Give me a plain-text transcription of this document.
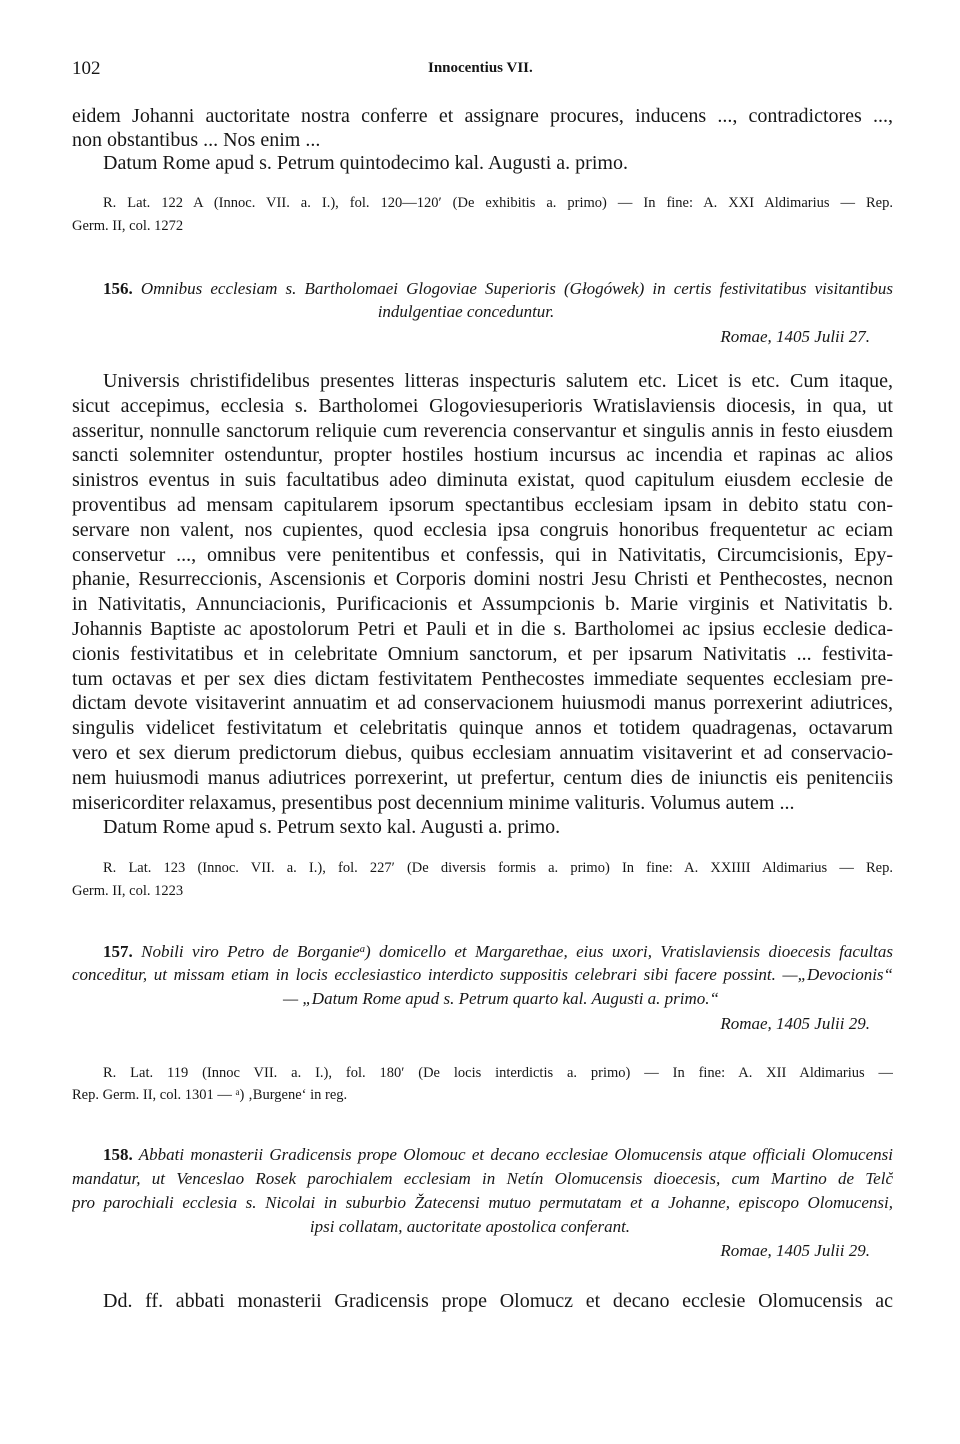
102	Innocentius VII.
eidem Johanni auctoritate nostra conferre et assignare procures, inducens ..., contradictores ...,
non obstantibus ... Nos enim ...
Datum Rome apud s. Petrum quintodecimo kal. Augusti a. primo.
R. Lat. 122 A (Innoc. VII. a. I.), fol. 120—120′ (De exhibitis a. primo) — In fine: A. XXI Aldimarius — Rep.
Germ. II, col. 1272
156. Omnibus ecclesiam s. Bartholomaei Glogoviae Superioris (Głogówek) in certis festivitatibus visitantibus
indulgentiae conceduntur.
Romae, 1405 Julii 27.
Universis christifidelibus presentes litteras inspecturis salutem etc. Licet is etc. Cum itaque,
sicut accepimus, ecclesia s. Bartholomei Glogoviesuperioris Wratislaviensis diocesis, in qua, ut
asseritur, nonnulle sanctorum reliquie cum reverencia conservantur et singulis annis in festo eiusdem
sancti solemniter ostenduntur, propter hostiles hostium incursus ac incendia et rapinas ac alios
sinistros eventus in suis facultatibus adeo diminuta existat, quod capitulum eiusdem ecclesie de
proventibus ad mensam capitularem ipsorum spectantibus ecclesiam ipsam in debito statu con-
servare non valent, nos cupientes, quod ecclesia ipsa congruis honoribus frequentetur ac eciam
conservetur ..., omnibus vere penitentibus et confessis, qui in Nativitatis, Circumcisionis, Epy-
phanie, Resurreccionis, Ascensionis et Corporis domini nostri Jesu Christi et Penthecostes, necnon
in Nativitatis, Annunciacionis, Purificacionis et Assumpcionis b. Marie virginis et Nativitatis b.
Johannis Baptiste ac apostolorum Petri et Pauli et in die s. Bartholomei ac ipsius ecclesie dedica-
cionis festivitatibus et in celebritate Omnium sanctorum, et per ipsarum Nativitatis ... festivita-
tum octavas et per sex dies dictam festivitatem Penthecostes immediate sequentes ecclesiam pre-
dictam devote visitaverint annuatim et ad conservacionem huiusmodi manus porrexerint adiutrices,
singulis videlicet festivitatum et celebritatis quinque annos et totidem quadragenas, octavarum
vero et sex dierum predictorum diebus, quibus ecclesiam annuatim visitaverint et ad conservacio-
nem huiusmodi manus adiutrices porrexerint, ut prefertur, centum dies de iniunctis eis penitenciis
misericorditer relaxamus, presentibus post decennium minime valituris. Volumus autem ...
Datum Rome apud s. Petrum sexto kal. Augusti a. primo.
R. Lat. 123 (Innoc. VII. a. I.), fol. 227′ (De diversis formis a. primo) In fine: A. XXIIII Aldimarius — Rep.
Germ. II, col. 1223
157. Nobili viro Petro de Borganie$^a$) domicello et Margarethae, eius uxori, Vratislaviensis dioecesis facultas
conceditur, ut missam etiam in locis ecclesiastico interdicto suppositis celebrari sibi facere possint. —„Devocionis“
— „Datum Rome apud s. Petrum quarto kal. Augusti a. primo.“
Romae, 1405 Julii 29.
R. Lat. 119 (Innoc VII. a. I.), fol. 180′ (De locis interdictis a. primo) — In fine: A. XII Aldimarius —
Rep. Germ. II, col. 1301 — $^a$) ‚Burgene‘ in reg.
158. Abbati monasterii Gradicensis prope Olomouc et decano ecclesiae Olomucensis atque officiali Olomucensi
mandatur, ut Venceslao Rosek parochialem ecclesiam in Netín Olomucensis dioecesis, cum Martino de Telč
pro parochiali ecclesia s. Nicolai in suburbio Žatecensi mutuo permutatam et a Johanne, episcopo Olomucensi,
ipsi collatam, auctoritate apostolica conferant.
Romae, 1405 Julii 29.
Dd. ff. abbati monasterii Gradicensis prope Olomucz et decano ecclesie Olomucensis ac
